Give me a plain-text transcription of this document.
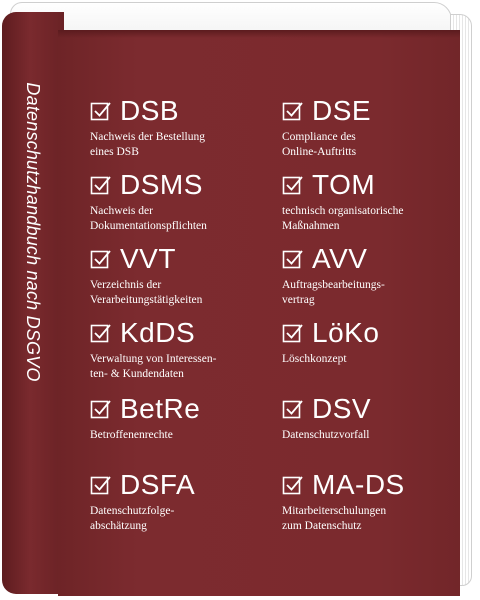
Datenschutzhandbuch nach DSGVO	DSB
Nachweis der Bestellung
eines DSB
DSMS
Nachweis der
Dokumentationspflichten
VVT
Verzeichnis der
Verarbeitungstätigkeiten
KdDS
Verwaltung von Interessen-
ten- & Kundendaten
BetRe
Betroffenenrechte
DSFA
Datenschutzfolge-
abschätzung
DSE
Compliance des
Online-Auftritts
TOM
technisch organisatorische
Maßnahmen
AVV
Auftragsbearbeitungs-
vertrag
LöKo
Löschkonzept
DSV
Datenschutzvorfall
MA-DS
Mitarbeiterschulungen
zum Datenschutz
